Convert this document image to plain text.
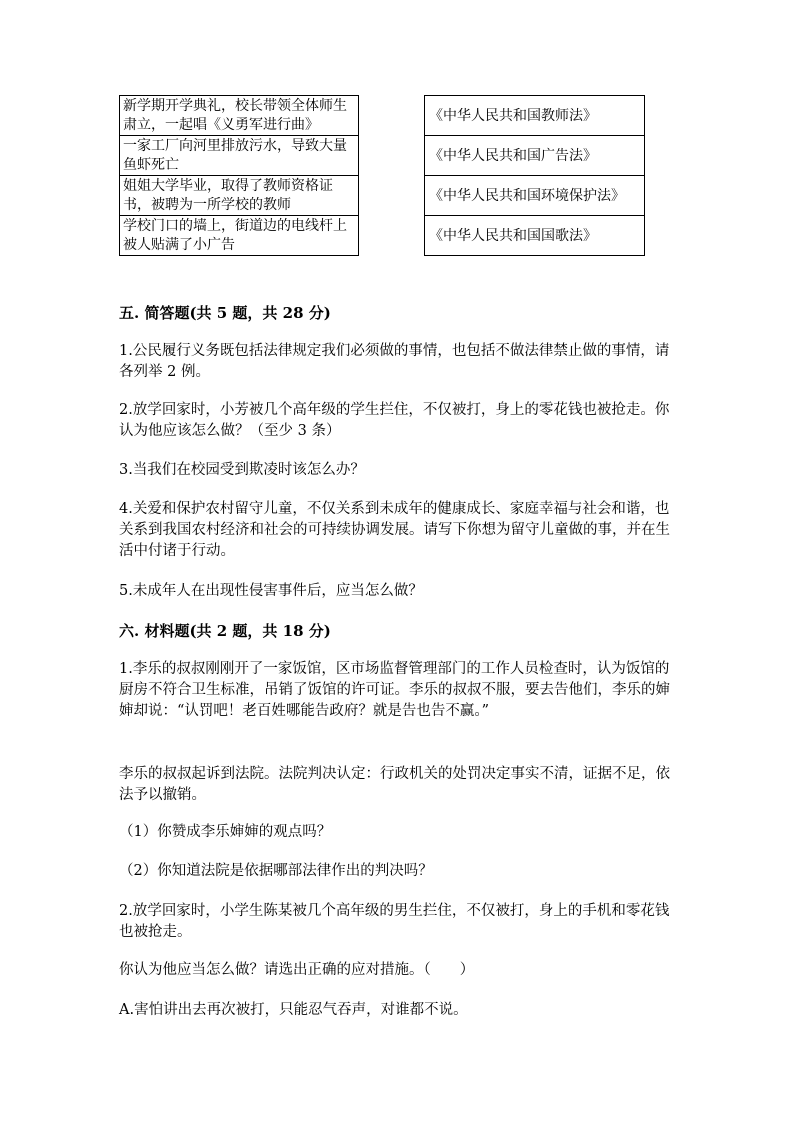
新学期开学典礼，校长带领全体师生肃立，一起唱《义勇军进行曲》
一家工厂向河里排放污水，导致大量鱼虾死亡
姐姐大学毕业，取得了教师资格证书，被聘为一所学校的教师
学校门口的墙上，街道边的电线杆上被人贴满了小广告
《中华人民共和国教师法》
《中华人民共和国广告法》
《中华人民共和国环境保护法》
《中华人民共和国国歌法》

五. 简答题(共 5 题，共 28 分)

1.公民履行义务既包括法律规定我们必须做的事情，也包括不做法律禁止做的事情，请各列举 2 例。

2.放学回家时，小芳被几个高年级的学生拦住，不仅被打，身上的零花钱也被抢走。你认为他应该怎么做？（至少 3 条）

3.当我们在校园受到欺凌时该怎么办？

4.关爱和保护农村留守儿童，不仅关系到未成年的健康成长、家庭幸福与社会和谐，也关系到我国农村经济和社会的可持续协调发展。请写下你想为留守儿童做的事，并在生活中付诸于行动。

5.未成年人在出现性侵害事件后，应当怎么做？

六. 材料题(共 2 题，共 18 分)

1.李乐的叔叔刚刚开了一家饭馆，区市场监督管理部门的工作人员检查时，认为饭馆的厨房不符合卫生标准，吊销了饭馆的许可证。李乐的叔叔不服，要去告他们，李乐的婶婶却说：“认罚吧！老百姓哪能告政府？就是告也告不赢。”

李乐的叔叔起诉到法院。法院判决认定：行政机关的处罚决定事实不清，证据不足，依法予以撤销。

（1）你赞成李乐婶婶的观点吗？

（2）你知道法院是依据哪部法律作出的判决吗？

2.放学回家时，小学生陈某被几个高年级的男生拦住，不仅被打，身上的手机和零花钱也被抢走。

你认为他应当怎么做？请选出正确的应对措施。（　　）

A.害怕讲出去再次被打，只能忍气吞声，对谁都不说。
